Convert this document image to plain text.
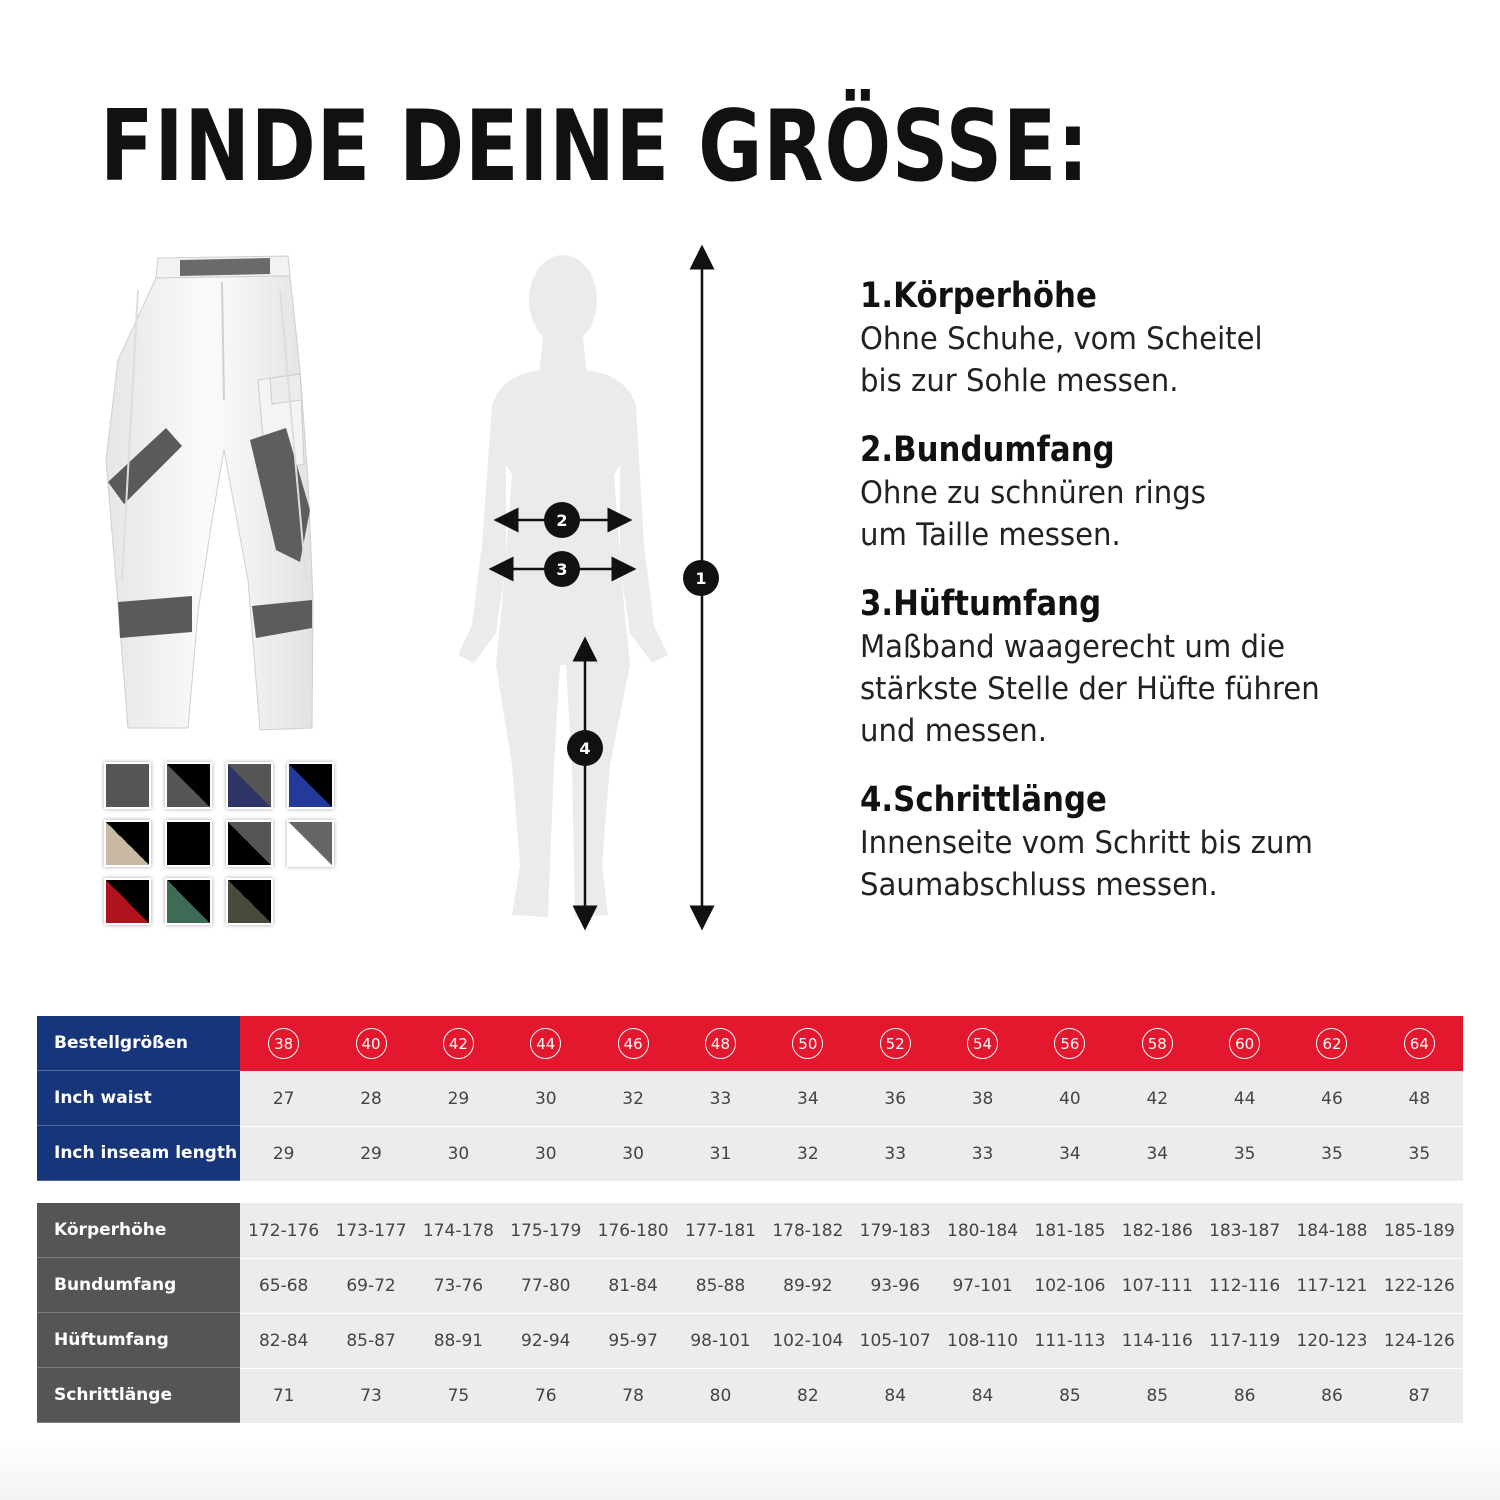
FINDE DEINE GRÖSSE:
1
2
3
4
1.Körperhöhe
Ohne Schuhe, vom Scheitel
bis zur Sohle messen.
2.Bundumfang
Ohne zu schnüren rings
um Taille messen.
3.Hüftumfang
Maßband waagerecht um die
stärkste Stelle der Hüfte führen
und messen.
4.Schrittlänge
Innenseite vom Schritt bis zum
Saumabschluss messen.
Bestellgrößen	38	40	42	44	46	48	50	52	54	56	58	60	62	64
Inch waist	27	28	29	30	32	33	34	36	38	40	42	44	46	48
Inch inseam length	29	29	30	30	30	31	32	33	33	34	34	35	35	35
Körperhöhe	172-176 173-177 174-178 175-179 176-180 177-181 178-182 179-183 180-184 181-185 182-186 183-187 184-188 185-189
Bundumfang	65-68	69-72	73-76	77-80	81-84	85-88	89-92	93-96	97-101	102-106 107-111 112-116 117-121 122-126
Hüftumfang	82-84	85-87	88-91	92-94	95-97	98-101	102-104 105-107 108-110 111-113 114-116 117-119 120-123 124-126
Schrittlänge	71	73	75	76	78	80	82	84	84	85	85	86	86	87
